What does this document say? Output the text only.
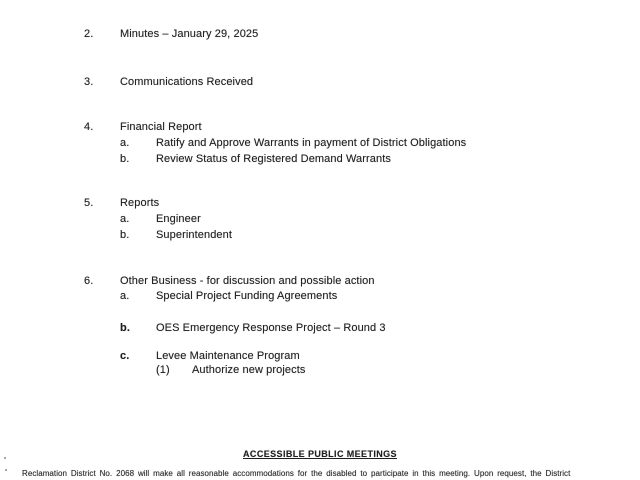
2. Minutes – January 29, 2025
3. Communications Received
4. Financial Report
a. Ratify and Approve Warrants in payment of District Obligations
b. Review Status of Registered Demand Warrants
5. Reports
a. Engineer
b. Superintendent
6. Other Business - for discussion and possible action
a. Special Project Funding Agreements
b. OES Emergency Response Project – Round 3
c. Levee Maintenance Program
(1) Authorize new projects
ACCESSIBLE PUBLIC MEETINGS
Reclamation District No. 2068 will make all reasonable accommodations for the disabled to participate in this meeting. Upon request, the District
